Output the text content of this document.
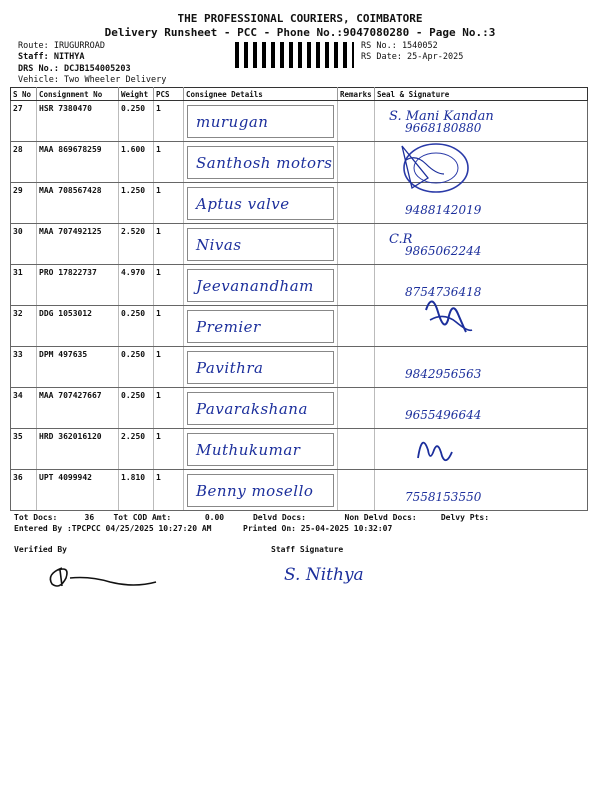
THE PROFESSIONAL COURIERS, COIMBATORE
Delivery Runsheet - PCC - Phone No.:9047080280 - Page No.:3
Route: IRUGURROAD
Staff: NITHYA
DRS No.: DCJB154005203
Vehicle: Two Wheeler Delivery
RS No.: 1540052
RS Date: 25-Apr-2025
S No	Consignment No	Weight	PCS	Consignee Details	Remarks	Seal & Signature
27	HSR 7380470	0.250	1	murugan		S. Mani Kandan
9668180880

28	MAA 869678259	1.600	1	Santhosh motors		

29	MAA 708567428	1.250	1	Aptus valve		9488142019

30	MAA 707492125	2.520	1	Nivas		C.R
9865062244

31	PRO 17822737	4.970	1	Jeevanandham		8754736418

32	DDG 1053012	0.250	1	Premier		

33	DPM 497635	0.250	1	Pavithra		9842956563

34	MAA 707427667	0.250	1	Pavarakshana		9655496644

35	HRD 362016120	2.250	1	Muthukumar		

36	UPT 4099942	1.810	1	Benny mosello		7558153550
Tot Docs:	36 Tot COD Amt:	0.00	Delvd Docs:	Non Delvd Docs:	Delvy Pts:
Entered By :TPCPCC 04/25/2025 10:27:20 AM	Printed On: 25-04-2025 10:32:07
Verified By	Staff Signature
S. Nithya
